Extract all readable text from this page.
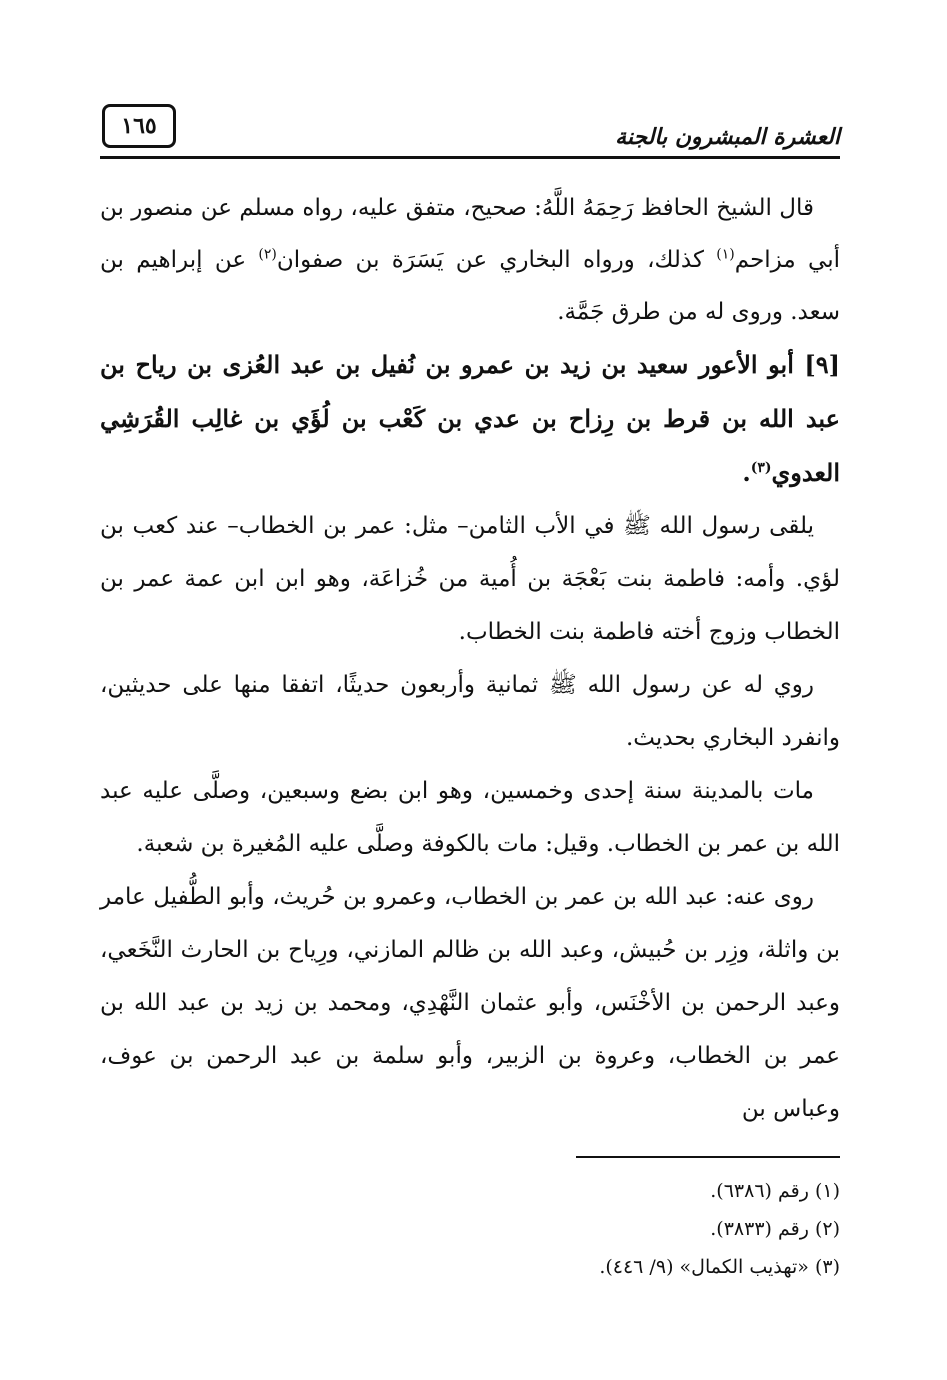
العشرة المبشرون بالجنة
١٦٥

قال الشيخ الحافظ رَحِمَهُ اللَّهُ: صحيح، متفق عليه، رواه مسلم عن منصور بن أبي مزاحم$^{(١)}$ كذلك، ورواه البخاري عن يَسَرَة بن صفوان$^{(٢)}$ عن إبراهيم بن سعد. وروى له من طرق جَمَّة.

[٩] أبو الأعور سعيد بن زيد بن عمرو بن نُفيل بن عبد العُزى بن رياح بن عبد الله بن قرط بن رِزاح بن عدي بن كَعْب بن لُؤَي بن غالِب القُرَشِي العدوي$^{(٣)}$.

يلقى رسول الله ﷺ في الأب الثامن– مثل: عمر بن الخطاب– عند كعب بن لؤي. وأمه: فاطمة بنت بَعْجَة بن أُمية من خُزاعَة، وهو ابن ابن عمة عمر بن الخطاب وزوج أخته فاطمة بنت الخطاب.

روي له عن رسول الله ﷺ ثمانية وأربعون حديثًا، اتفقا منها على حديثين، وانفرد البخاري بحديث.

مات بالمدينة سنة إحدى وخمسين، وهو ابن بضع وسبعين، وصلَّى عليه عبد الله بن عمر بن الخطاب. وقيل: مات بالكوفة وصلَّى عليه المُغيرة بن شعبة.

روى عنه: عبد الله بن عمر بن الخطاب، وعمرو بن حُريث، وأبو الطُّفيل عامر بن واثلة، وزِر بن حُبيش، وعبد الله بن ظالم المازني، ورِياح بن الحارث النَّخَعي، وعبد الرحمن بن الأخْنَس، وأبو عثمان النَّهْدِي، ومحمد بن زيد بن عبد الله بن عمر بن الخطاب، وعروة بن الزبير، وأبو سلمة بن عبد الرحمن بن عوف، وعباس بن

(١) رقم (٦٣٨٦).

(٢) رقم (٣٨٣٣).

(٣) «تهذيب الكمال» (٩/ ٤٤٦).
